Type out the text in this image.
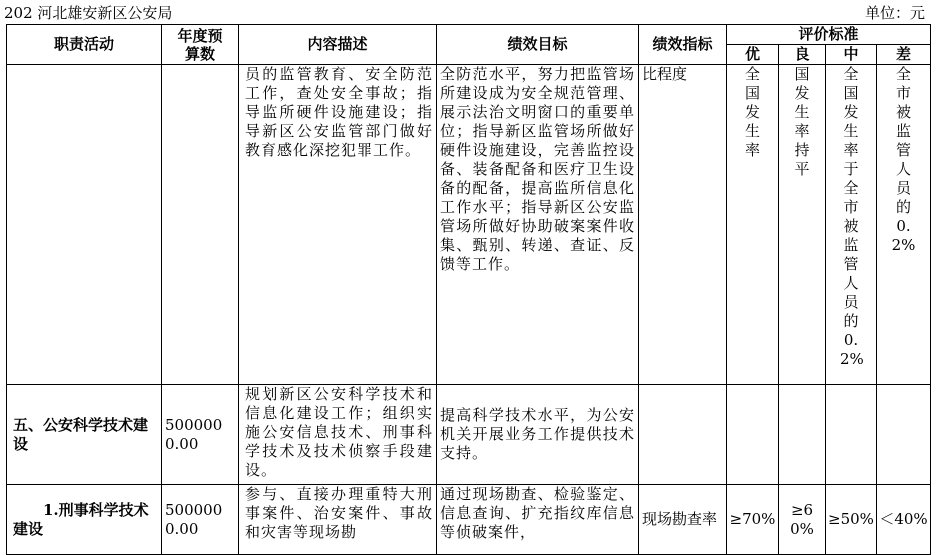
202 河北雄安新区公安局	单位：元
职责活动	年度预算数	内容描述	绩效目标	绩效指标	评价标准			
					优	良	中	差
		员的监管教育、安全防范工作，查处安全事故；指导监所硬件设施建设；指导新区公安监管部门做好教育感化深挖犯罪工作。	全防范水平，努力把监管场所建设成为安全规范管理、展示法治文明窗口的重要单位；指导新区监管场所做好硬件设施建设，完善监控设备、装备配备和医疗卫生设备的配备，提高监所信息化工作水平；指导新区公安监管场所做好协助破案案件收集、甄别、转递、查证、反馈等工作。	比程度	全国发生率	国发生率持平	全国发生率于全市被监管人员的0.2%	全市被监管人员的0.2%
五、公安科学技术建设	5000000.00	规划新区公安科学技术和信息化建设工作；组织实施公安信息技术、刑事科学技术及技术侦察手段建设。	提高科学技术水平，为公安机关开展业务工作提供技术支持。					
1.刑事科学技术建设	5000000.00	参与、直接办理重特大刑事案件、治安案件、事故和灾害等现场勘	通过现场勘查、检验鉴定、信息查询、扩充指纹库信息等侦破案件，	现场勘查率	≥70%	≥60%	≥50%	＜40%
